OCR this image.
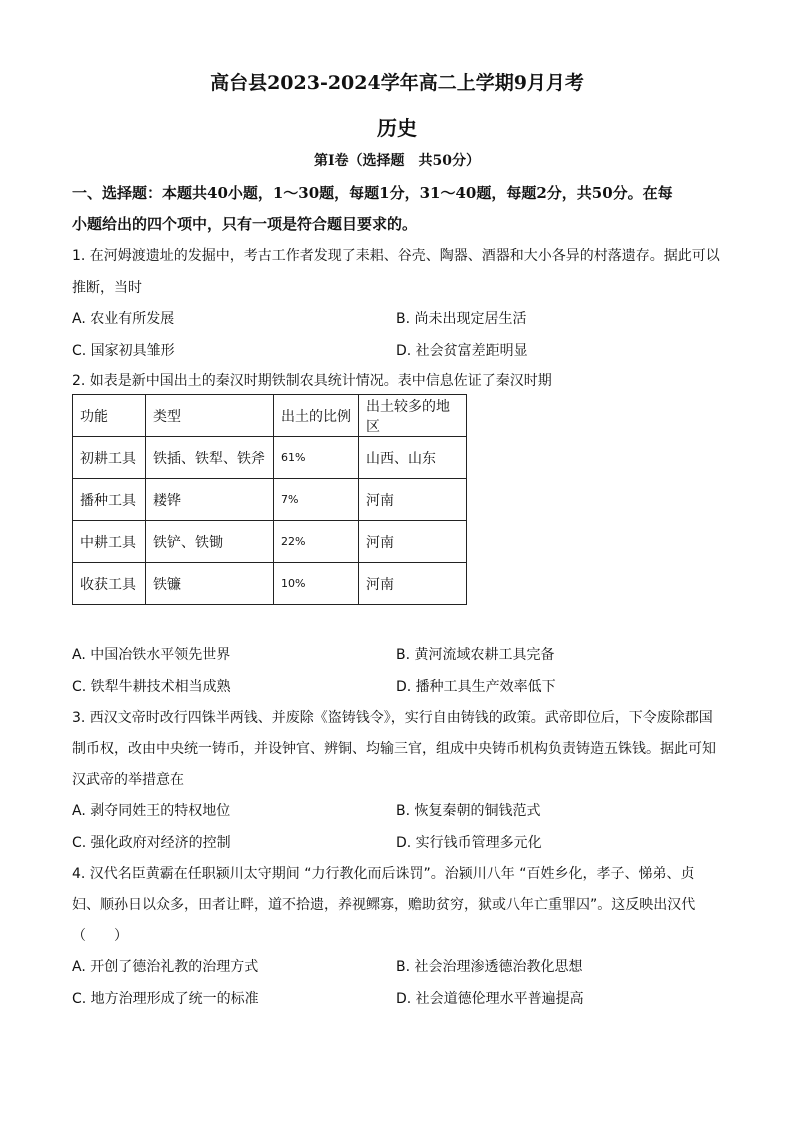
高台县2023-2024学年高二上学期9月月考
历史
第Ⅰ卷（选择题　共50分）
一、选择题：本题共40小题，1～30题，每题1分，31～40题，每题2分，共50分。在每
小题给出的四个项中，只有一项是符合题目要求的。
1. 在河姆渡遗址的发掘中，考古工作者发现了耒耜、谷壳、陶器、酒器和大小各异的村落遗存。据此可以
推断，当时
A. 农业有所发展	B. 尚未出现定居生活
C. 国家初具雏形	D. 社会贫富差距明显
2. 如表是新中国出土的秦汉时期铁制农具统计情况。表中信息佐证了秦汉时期
功能	类型	出土的比例	出土较多的地区
初耕工具	铁插、铁犁、铁斧	61%	山西、山东
播种工具	耧铧	7%	河南
中耕工具	铁铲、铁锄	22%	河南
收获工具	铁镰	10%	河南
A. 中国冶铁水平领先世界	B. 黄河流域农耕工具完备
C. 铁犁牛耕技术相当成熟	D. 播种工具生产效率低下
3. 西汉文帝时改行四铢半两钱、并废除《盗铸钱令》，实行自由铸钱的政策。武帝即位后，下令废除郡国
制币权，改由中央统一铸币，并设钟官、辨铜、均输三官，组成中央铸币机构负责铸造五铢钱。据此可知
汉武帝的举措意在
A. 剥夺同姓王的特权地位	B. 恢复秦朝的铜钱范式
C. 强化政府对经济的控制	D. 实行钱币管理多元化
4. 汉代名臣黄霸在任职颍川太守期间 “力行教化而后诛罚”。治颍川八年 “百姓乡化，孝子、悌弟、贞
妇、顺孙日以众多，田者让畔，道不拾遗，养视鳏寡，赡助贫穷，狱或八年亡重罪囚”。这反映出汉代
（　　）
A. 开创了德治礼教的治理方式	B. 社会治理渗透德治教化思想
C. 地方治理形成了统一的标准	D. 社会道德伦理水平普遍提高
